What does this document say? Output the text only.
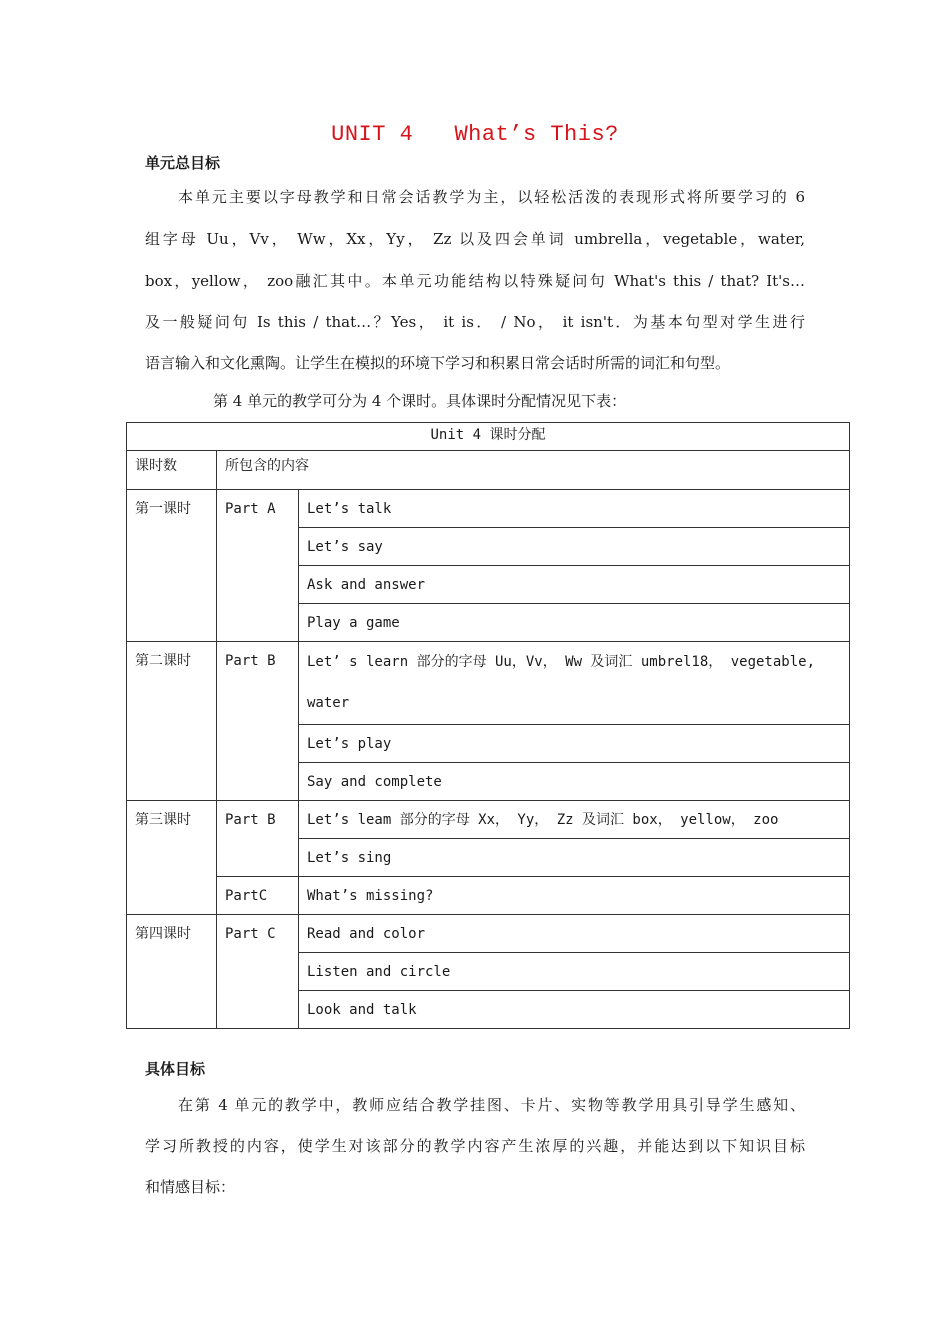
UNIT 4   What’s This?
单元总目标
本单元主要以字母教学和日常会话教学为主，以轻松活泼的表现形式将所要学习的 6
组字母 Uu，Vv， Ww，Xx，Yy， Zz 以及四会单词 umbrella，vegetable，water,
box，yellow， zoo融汇其中。本单元功能结构以特殊疑问句 What's this / that? It's…
及一般疑问句 Is this / that…？Yes， it is． / No， it isn't．为基本句型对学生进行
语言输入和文化熏陶。让学生在模拟的环境下学习和积累日常会话时所需的词汇和句型。
第 4 单元的教学可分为 4 个课时。具体课时分配情况见下表：
Unit 4 课时分配		
课时数	所包含的内容	
第一课时	Part A	Let’s talk
		Let’s say
		Ask and answer
		Play a game
第二课时	Part B	Let’ s learn 部分的字母 Uu，Vv， Ww 及词汇 umbrel18， vegetable, water
		Let’s play
		Say and complete
第三课时	Part B	Let’s leam 部分的字母 Xx， Yy， Zz 及词汇 box， yellow， zoo
		Let’s sing
	PartC	What’s missing?
第四课时	Part C	Read and color
		Listen and circle
		Look and talk
具体目标
在第 4 单元的教学中，教师应结合教学挂图、卡片、实物等教学用具引导学生感知、
学习所教授的内容，使学生对该部分的教学内容产生浓厚的兴趣，并能达到以下知识目标
和情感目标：
